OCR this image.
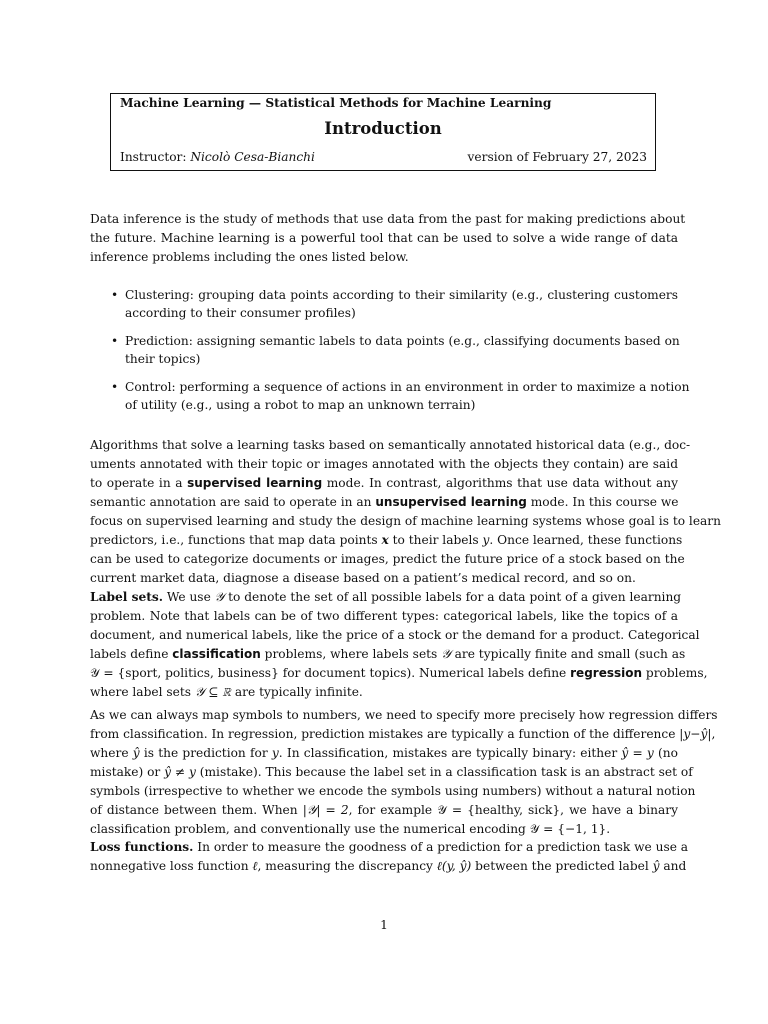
Machine Learning — Statistical Methods for Machine Learning
Introduction
Instructor: Nicolò Cesa-Bianchi	version of February 27, 2023
Data inference is the study of methods that use data from the past for making predictions about
the future. Machine learning is a powerful tool that can be used to solve a wide range of data
inference problems including the ones listed below.
• Clustering: grouping data points according to their similarity (e.g., clustering customers
according to their consumer profiles)
• Prediction: assigning semantic labels to data points (e.g., classifying documents based on
their topics)
• Control: performing a sequence of actions in an environment in order to maximize a notion
of utility (e.g., using a robot to map an unknown terrain)
Algorithms that solve a learning tasks based on semantically annotated historical data (e.g., doc-
uments annotated with their topic or images annotated with the objects they contain) are said
to operate in a supervised learning mode. In contrast, algorithms that use data without any
semantic annotation are said to operate in an unsupervised learning mode. In this course we
focus on supervised learning and study the design of machine learning systems whose goal is to learn
predictors, i.e., functions that map data points x to their labels y. Once learned, these functions
can be used to categorize documents or images, predict the future price of a stock based on the
current market data, diagnose a disease based on a patient’s medical record, and so on.
Label sets. We use 𝒴 to denote the set of all possible labels for a data point of a given learning
problem. Note that labels can be of two different types: categorical labels, like the topics of a
document, and numerical labels, like the price of a stock or the demand for a product. Categorical
labels define classification problems, where labels sets 𝒴 are typically finite and small (such as
𝒴 = {sport, politics, business} for document topics). Numerical labels define regression problems,
where label sets 𝒴 ⊆ ℝ are typically infinite.
As we can always map symbols to numbers, we need to specify more precisely how regression differs
from classification. In regression, prediction mistakes are typically a function of the difference |y−ŷ|,
where ŷ is the prediction for y. In classification, mistakes are typically binary: either ŷ = y (no
mistake) or ŷ ≠ y (mistake). This because the label set in a classification task is an abstract set of
symbols (irrespective to whether we encode the symbols using numbers) without a natural notion
of distance between them. When |𝒴| = 2, for example 𝒴 = {healthy, sick}, we have a binary
classification problem, and conventionally use the numerical encoding 𝒴 = {−1, 1}.
Loss functions. In order to measure the goodness of a prediction for a prediction task we use a
nonnegative loss function ℓ, measuring the discrepancy ℓ(y, ŷ) between the predicted label ŷ and
1
